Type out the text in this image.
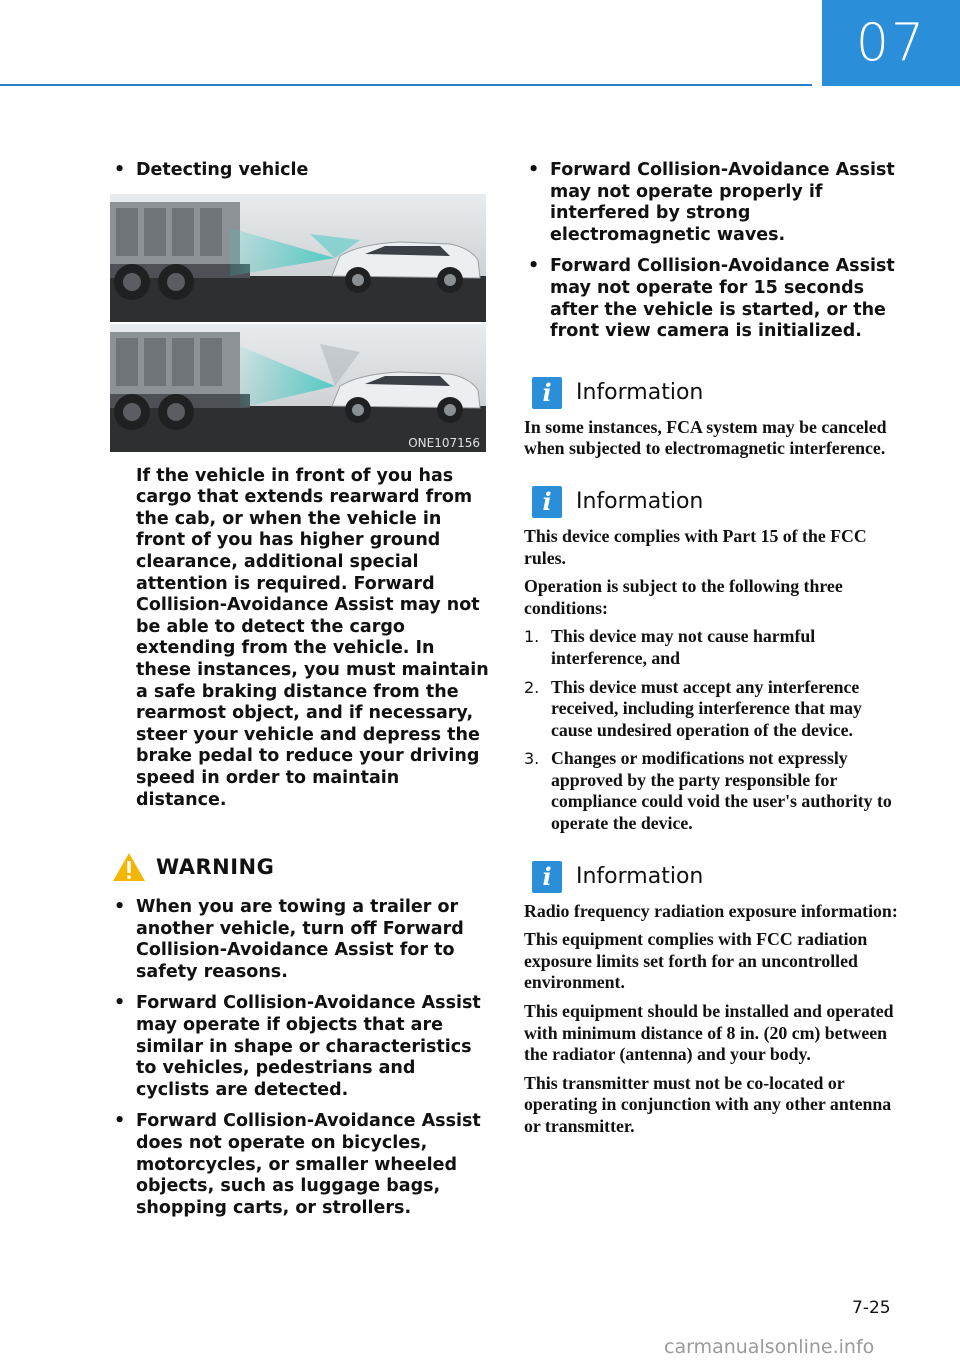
07
• Detecting vehicle
ONE107156

If the vehicle in front of you has cargo that extends rearward from the cab, or when the vehicle in front of you has higher ground clearance, additional special attention is required. Forward Collision-Avoidance Assist may not be able to detect the cargo extending from the vehicle. In these instances, you must maintain a safe braking distance from the rearmost object, and if necessary, steer your vehicle and depress the brake pedal to reduce your driving speed in order to maintain distance.

WARNING
• When you are towing a trailer or another vehicle, turn off Forward Collision-Avoidance Assist for to safety reasons.
• Forward Collision-Avoidance Assist may operate if objects that are similar in shape or characteristics to vehicles, pedestrians and cyclists are detected.
• Forward Collision-Avoidance Assist does not operate on bicycles, motorcycles, or smaller wheeled objects, such as luggage bags, shopping carts, or strollers.
• Forward Collision-Avoidance Assist may not operate properly if interfered by strong electromagnetic waves.
• Forward Collision-Avoidance Assist may not operate for 15 seconds after the vehicle is started, or the front view camera is initialized.
i	Information

In some instances, FCA system may be canceled when subjected to electromagnetic interference.

i	Information

This device complies with Part 15 of the FCC rules.

Operation is subject to the following three conditions:

1. This device may not cause harmful interference, and
2. This device must accept any interference received, including interference that may cause undesired operation of the device.
3. Changes or modifications not expressly approved by the party responsible for compliance could void the user's authority to operate the device.
i	Information

Radio frequency radiation exposure information:

This equipment complies with FCC radiation exposure limits set forth for an uncontrolled environment.

This equipment should be installed and operated with minimum distance of 8 in. (20 cm) between the radiator (antenna) and your body.

This transmitter must not be co-located or operating in conjunction with any other antenna or transmitter.

7-25
carmanualsonline.info
